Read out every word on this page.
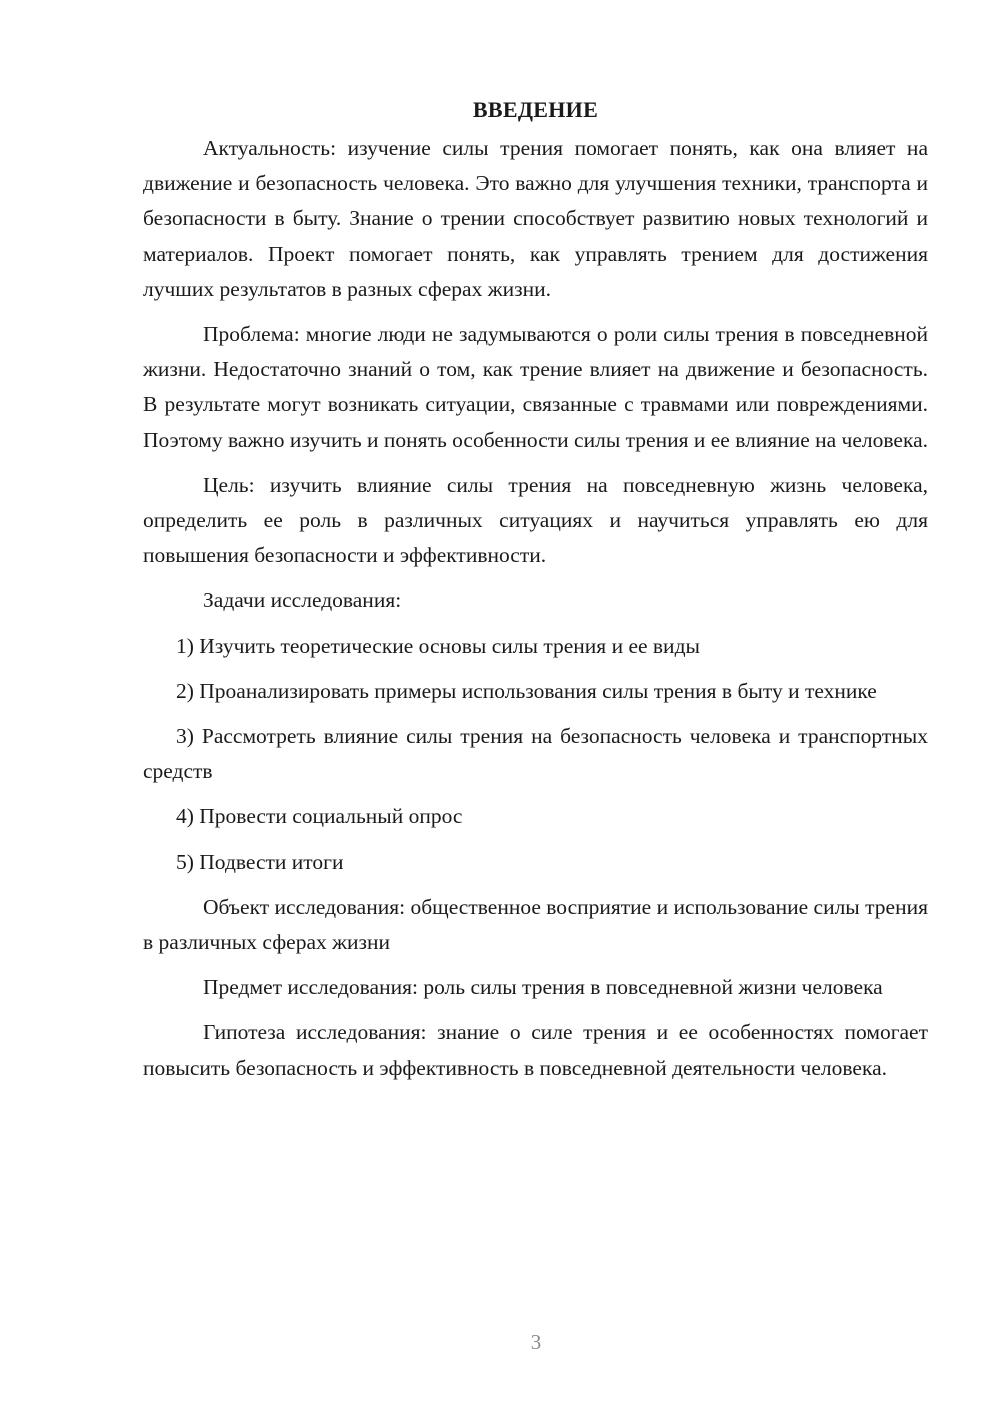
ВВЕДЕНИЕ

Актуальность: изучение силы трения помогает понять, как она влияет на движение и безопасность человека. Это важно для улучшения техники, транспорта и безопасности в быту. Знание о трении способствует развитию новых технологий и материалов. Проект помогает понять, как управлять трением для достижения лучших результатов в разных сферах жизни.

Проблема: многие люди не задумываются о роли силы трения в повседневной жизни. Недостаточно знаний о том, как трение влияет на движение и безопасность. В результате могут возникать ситуации, связанные с травмами или повреждениями. Поэтому важно изучить и понять особенности силы трения и ее влияние на человека.

Цель: изучить влияние силы трения на повседневную жизнь человека, определить ее роль в различных ситуациях и научиться управлять ею для повышения безопасности и эффективности.

Задачи исследования:

1) Изучить теоретические основы силы трения и ее виды

2) Проанализировать примеры использования силы трения в быту и технике

3) Рассмотреть влияние силы трения на безопасность человека и транспортных средств

4) Провести социальный опрос

5) Подвести итоги

Объект исследования: общественное восприятие и использование силы трения в различных сферах жизни

Предмет исследования: роль силы трения в повседневной жизни человека

Гипотеза исследования: знание о силе трения и ее особенностях помогает повысить безопасность и эффективность в повседневной деятельности человека.

3
